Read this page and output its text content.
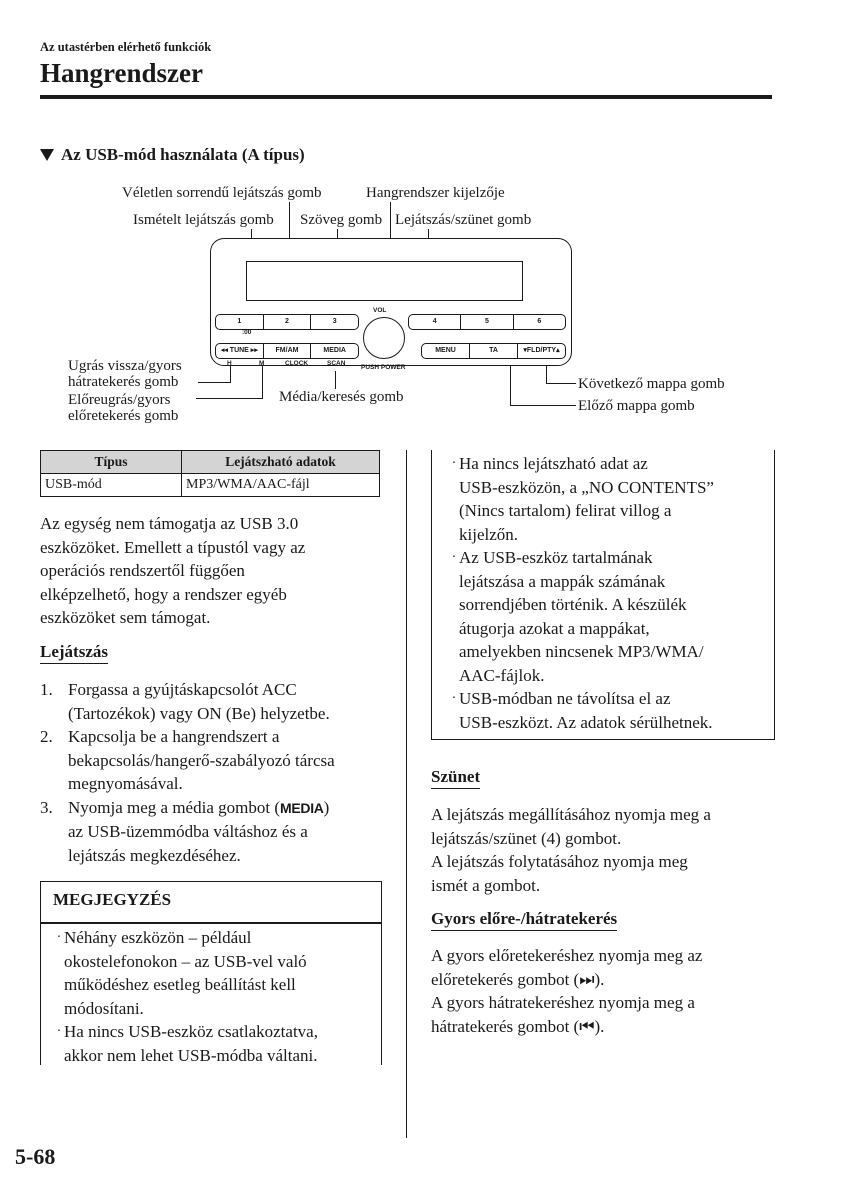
Az utastérben elérhető funkciók
Hangrendszer
Az USB-mód használata (A típus)
Véletlen sorrendű lejátszás gomb	Hangrendszer kijelzője
Ismételt lejátszás gomb Szöveg gomb Lejátszás/szünet gomb
Ugrás vissza/gyors
hátratekerés gomb
Előreugrás/gyors
előretekerés gomb
Média/keresés gomb
Következő mappa gomb
Előző mappa gomb
1	2	3
:00
4	5	6
VOL
PUSH POWER
◂◂ TUNE ▸▸	FM/AM	MEDIA
H	M	CLOCK	SCAN
MENU	TA	▾FLD/PTY▴
Típus	Lejátszható adatok
USB-mód	MP3/WMA/AAC-fájl
Az egység nem támogatja az USB 3.0
eszközöket. Emellett a típustól vagy az
operációs rendszertől függően
elképzelhető, hogy a rendszer egyéb
eszközöket sem támogat.
Lejátszás
1. Forgassa a gyújtáskapcsolót ACC
(Tartozékok) vagy ON (Be) helyzetbe.
2. Kapcsolja be a hangrendszert a
bekapcsolás/hangerő-szabályozó tárcsa
megnyomásával.
3. Nyomja meg a média gombot (MEDIA)
az USB-üzemmódba váltáshoz és a
lejátszás megkezdéséhez.
MEGJEGYZÉS
· Néhány eszközön – például
okostelefonokon – az USB-vel való
működéshez esetleg beállítást kell
módosítani.
· Ha nincs USB-eszköz csatlakoztatva,
akkor nem lehet USB-módba váltani.
· Ha nincs lejátszható adat az
USB-eszközön, a „NO CONTENTS”
(Nincs tartalom) felirat villog a
kijelzőn.
· Az USB-eszköz tartalmának
lejátszása a mappák számának
sorrendjében történik. A készülék
átugorja azokat a mappákat,
amelyekben nincsenek MP3/WMA/
AAC-fájlok.
· USB-módban ne távolítsa el az
USB-eszközt. Az adatok sérülhetnek.
Szünet
A lejátszás megállításához nyomja meg a
lejátszás/szünet (4) gombot.
A lejátszás folytatásához nyomja meg
ismét a gombot.
Gyors előre-/hátratekerés
A gyors előretekeréshez nyomja meg az
előretekerés gombot (⏭).
A gyors hátratekeréshez nyomja meg a
hátratekerés gombot (⏮).
5-68
